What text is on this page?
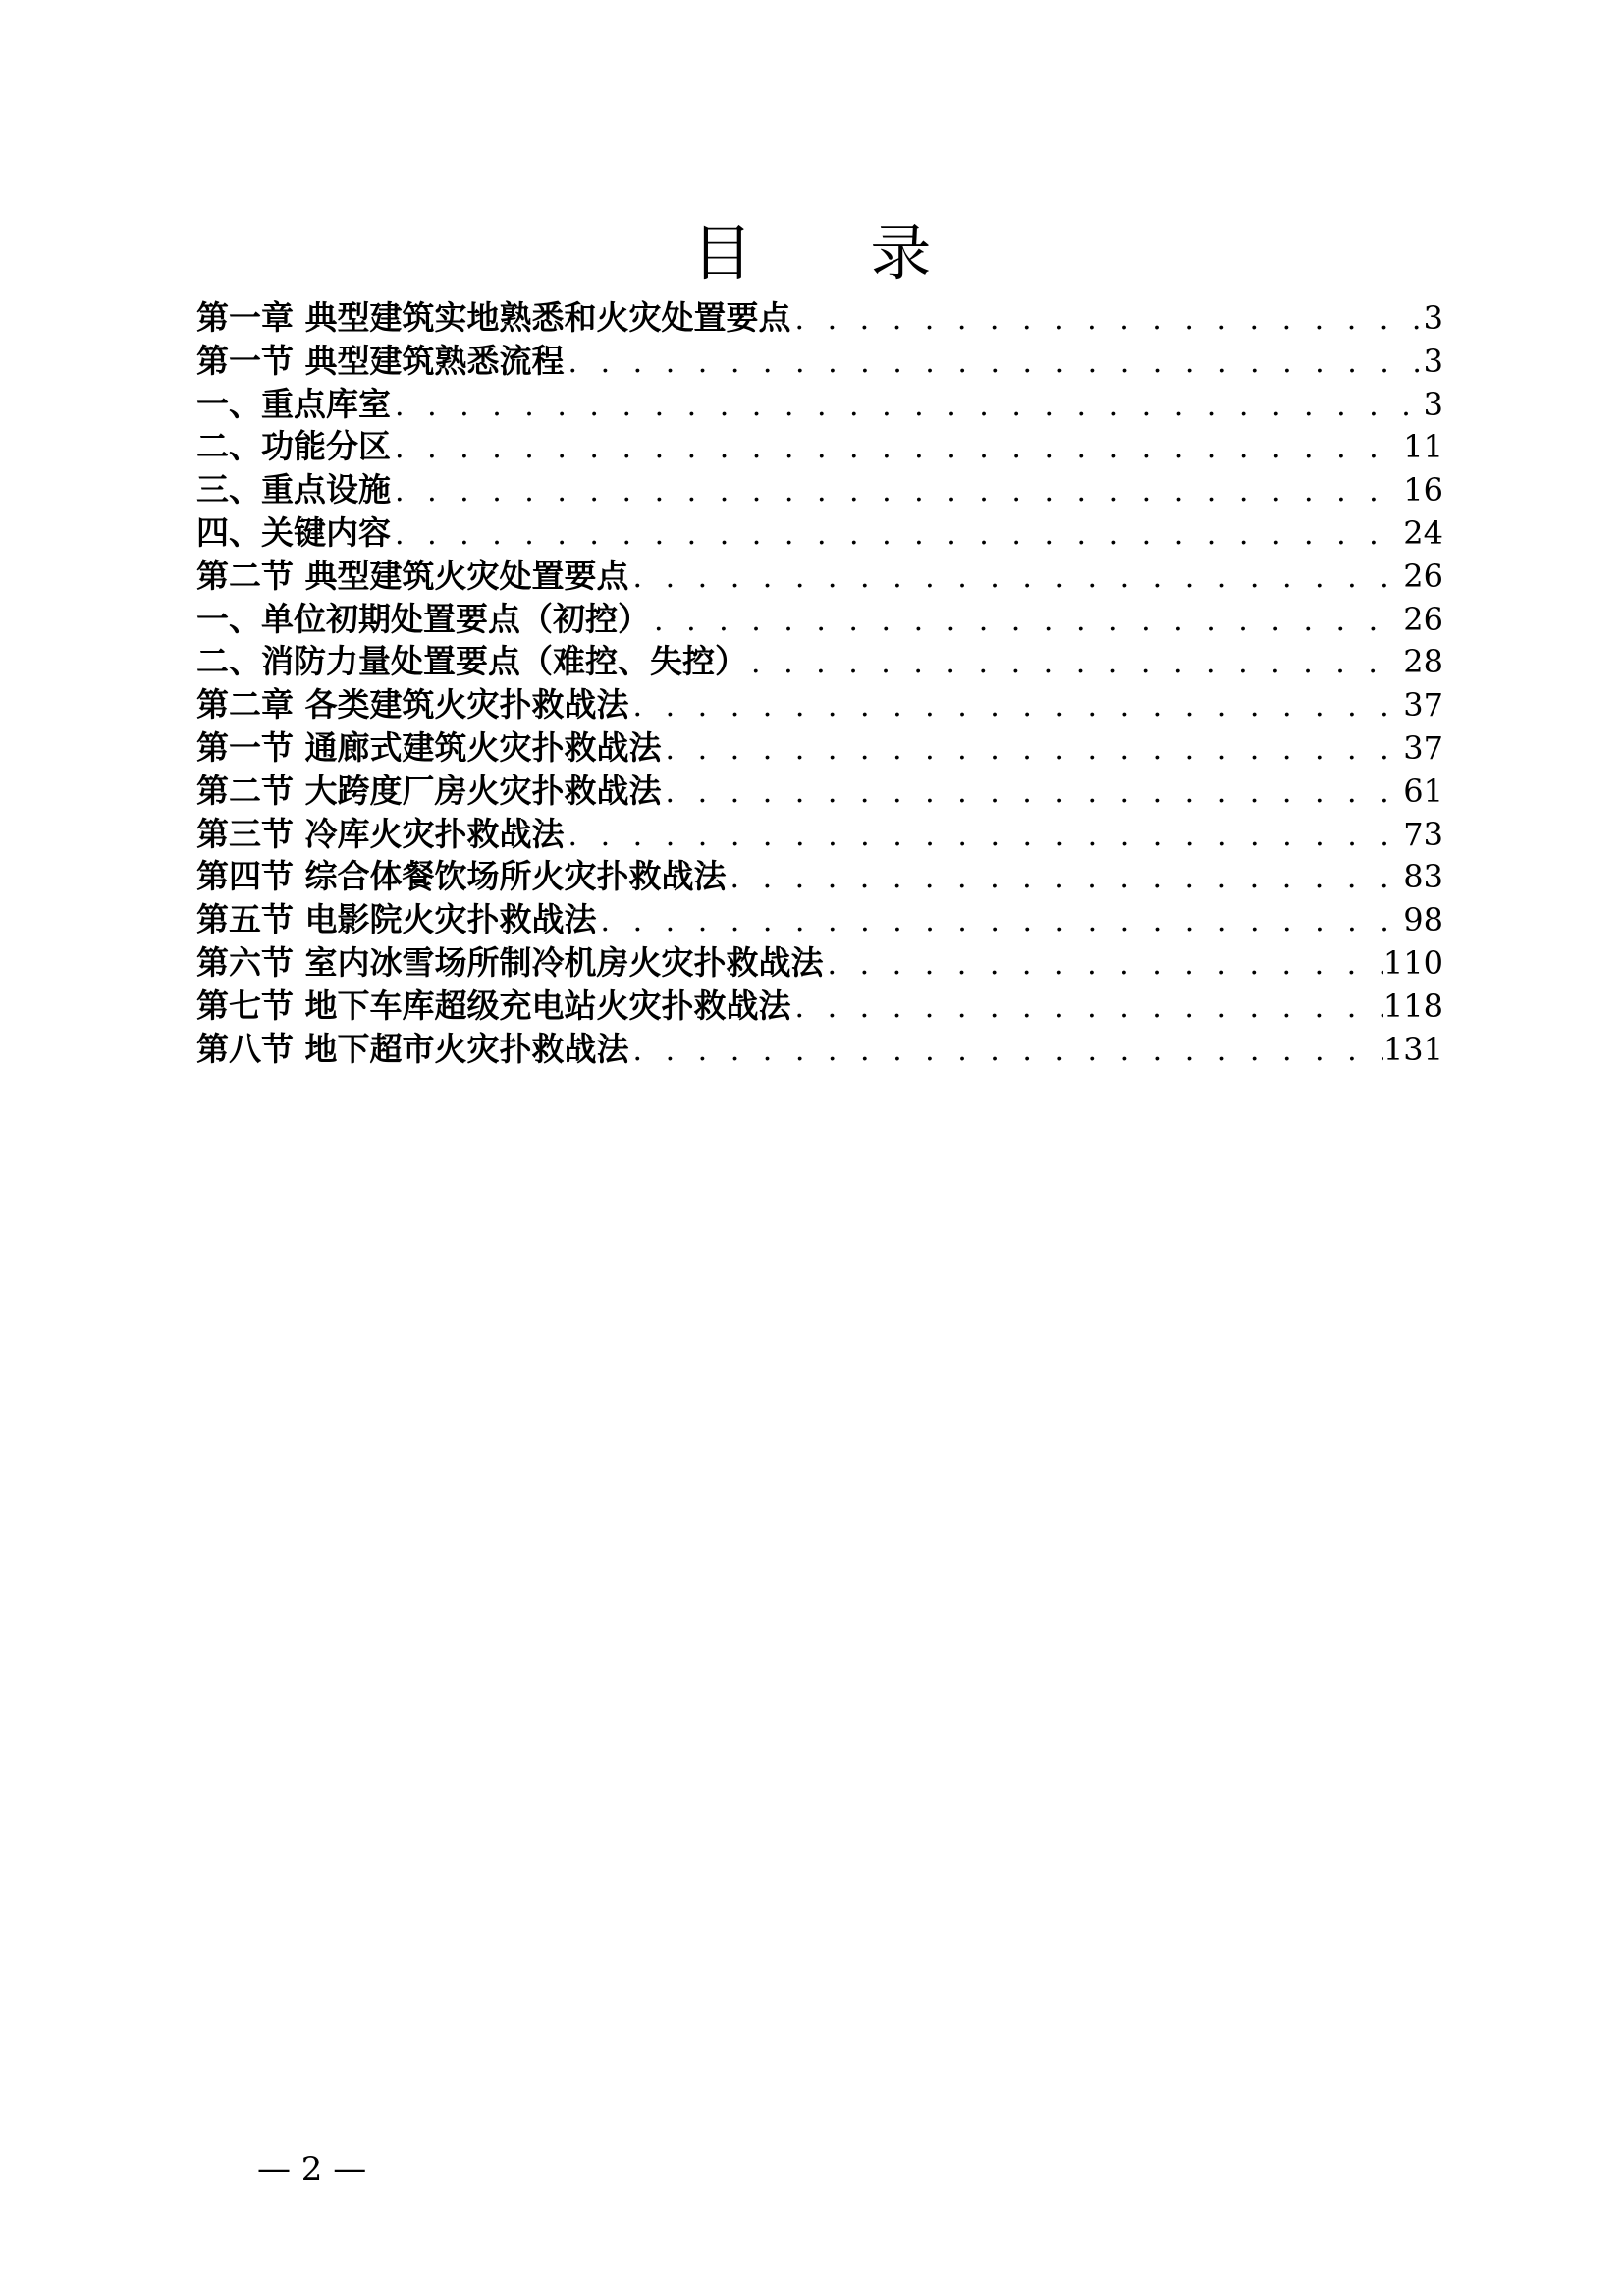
目 录
第一章 典型建筑实地熟悉和火灾处置要点 . . .	3
第一节 典型建筑熟悉流程 . . .	3
一、重点库室 . . .	3
二、功能分区 . . .	11
三、重点设施 . . .	16
四、关键内容 . . .	24
第二节 典型建筑火灾处置要点 . . .	26
一、单位初期处置要点（初控） . . .	26
二、消防力量处置要点（难控、失控） . . .	28
第二章 各类建筑火灾扑救战法 . . .	37
第一节 通廊式建筑火灾扑救战法 . . .	37
第二节 大跨度厂房火灾扑救战法 . . .	61
第三节 冷库火灾扑救战法 . . .	73
第四节 综合体餐饮场所火灾扑救战法 . . .	83
第五节 电影院火灾扑救战法 . . .	98
第六节 室内冰雪场所制冷机房火灾扑救战法 . . .	110
第七节 地下车库超级充电站火灾扑救战法 . . .	118
第八节 地下超市火灾扑救战法 . . .	131
— 2 —
